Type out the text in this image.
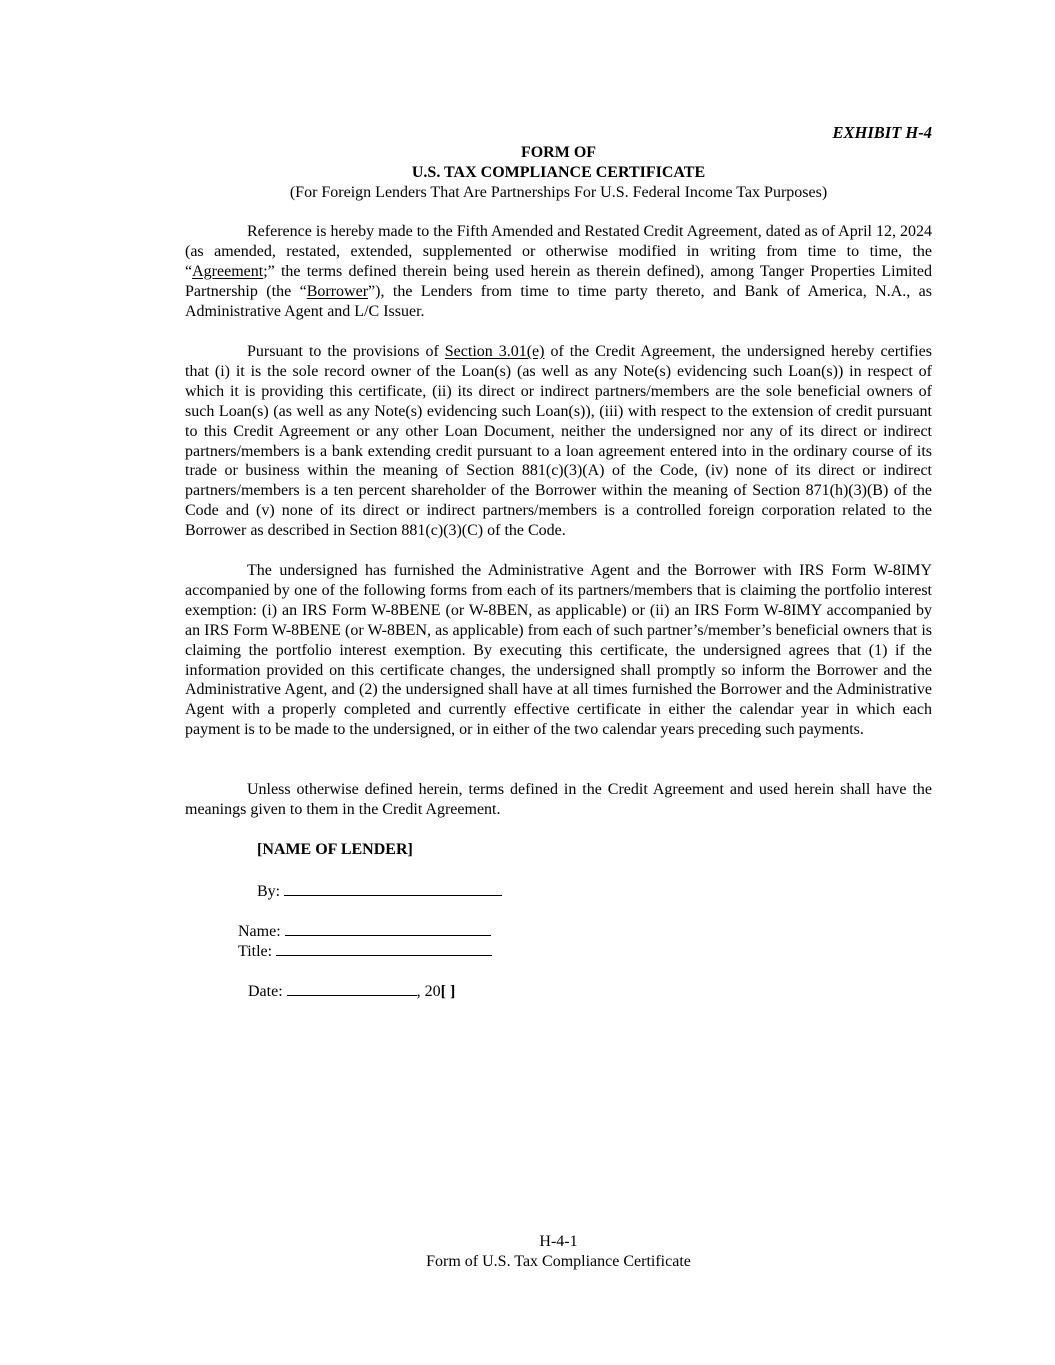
EXHIBIT H-4
FORM OF
U.S. TAX COMPLIANCE CERTIFICATE
(For Foreign Lenders That Are Partnerships For U.S. Federal Income Tax Purposes)

Reference is hereby made to the Fifth Amended and Restated Credit Agreement, dated as of April 12, 2024 (as amended, restated, extended, supplemented or otherwise modified in writing from time to time, the “Agreement;” the terms defined therein being used herein as therein defined), among Tanger Properties Limited Partnership (the “Borrower”), the Lenders from time to time party thereto, and Bank of America, N.A., as Administrative Agent and L/C Issuer.

Pursuant to the provisions of Section 3.01(e) of the Credit Agreement, the undersigned hereby certifies that (i) it is the sole record owner of the Loan(s) (as well as any Note(s) evidencing such Loan(s)) in respect of which it is providing this certificate, (ii) its direct or indirect partners/members are the sole beneficial owners of such Loan(s) (as well as any Note(s) evidencing such Loan(s)), (iii) with respect to the extension of credit pursuant to this Credit Agreement or any other Loan Document, neither the undersigned nor any of its direct or indirect partners/members is a bank extending credit pursuant to a loan agreement entered into in the ordinary course of its trade or business within the meaning of Section 881(c)(3)(A) of the Code, (iv) none of its direct or indirect partners/members is a ten percent shareholder of the Borrower within the meaning of Section 871(h)(3)(B) of the Code and (v) none of its direct or indirect partners/members is a controlled foreign corporation related to the Borrower as described in Section 881(c)(3)(C) of the Code.

The undersigned has furnished the Administrative Agent and the Borrower with IRS Form W-8IMY accompanied by one of the following forms from each of its partners/members that is claiming the portfolio interest exemption: (i) an IRS Form W-8BENE (or W-8BEN, as applicable) or (ii) an IRS Form W-8IMY accompanied by an IRS Form W-8BENE (or W-8BEN, as applicable) from each of such partner’s/member’s beneficial owners that is claiming the portfolio interest exemption. By executing this certificate, the undersigned agrees that (1) if the information provided on this certificate changes, the undersigned shall promptly so inform the Borrower and the Administrative Agent, and (2) the undersigned shall have at all times furnished the Borrower and the Administrative Agent with a properly completed and currently effective certificate in either the calendar year in which each payment is to be made to the undersigned, or in either of the two calendar years preceding such payments.

Unless otherwise defined herein, terms defined in the Credit Agreement and used herein shall have the meanings given to them in the Credit Agreement.

[NAME OF LENDER]
By:
Name:
Title:
Date:	, 20[ ]
H-4-1
Form of U.S. Tax Compliance Certificate
